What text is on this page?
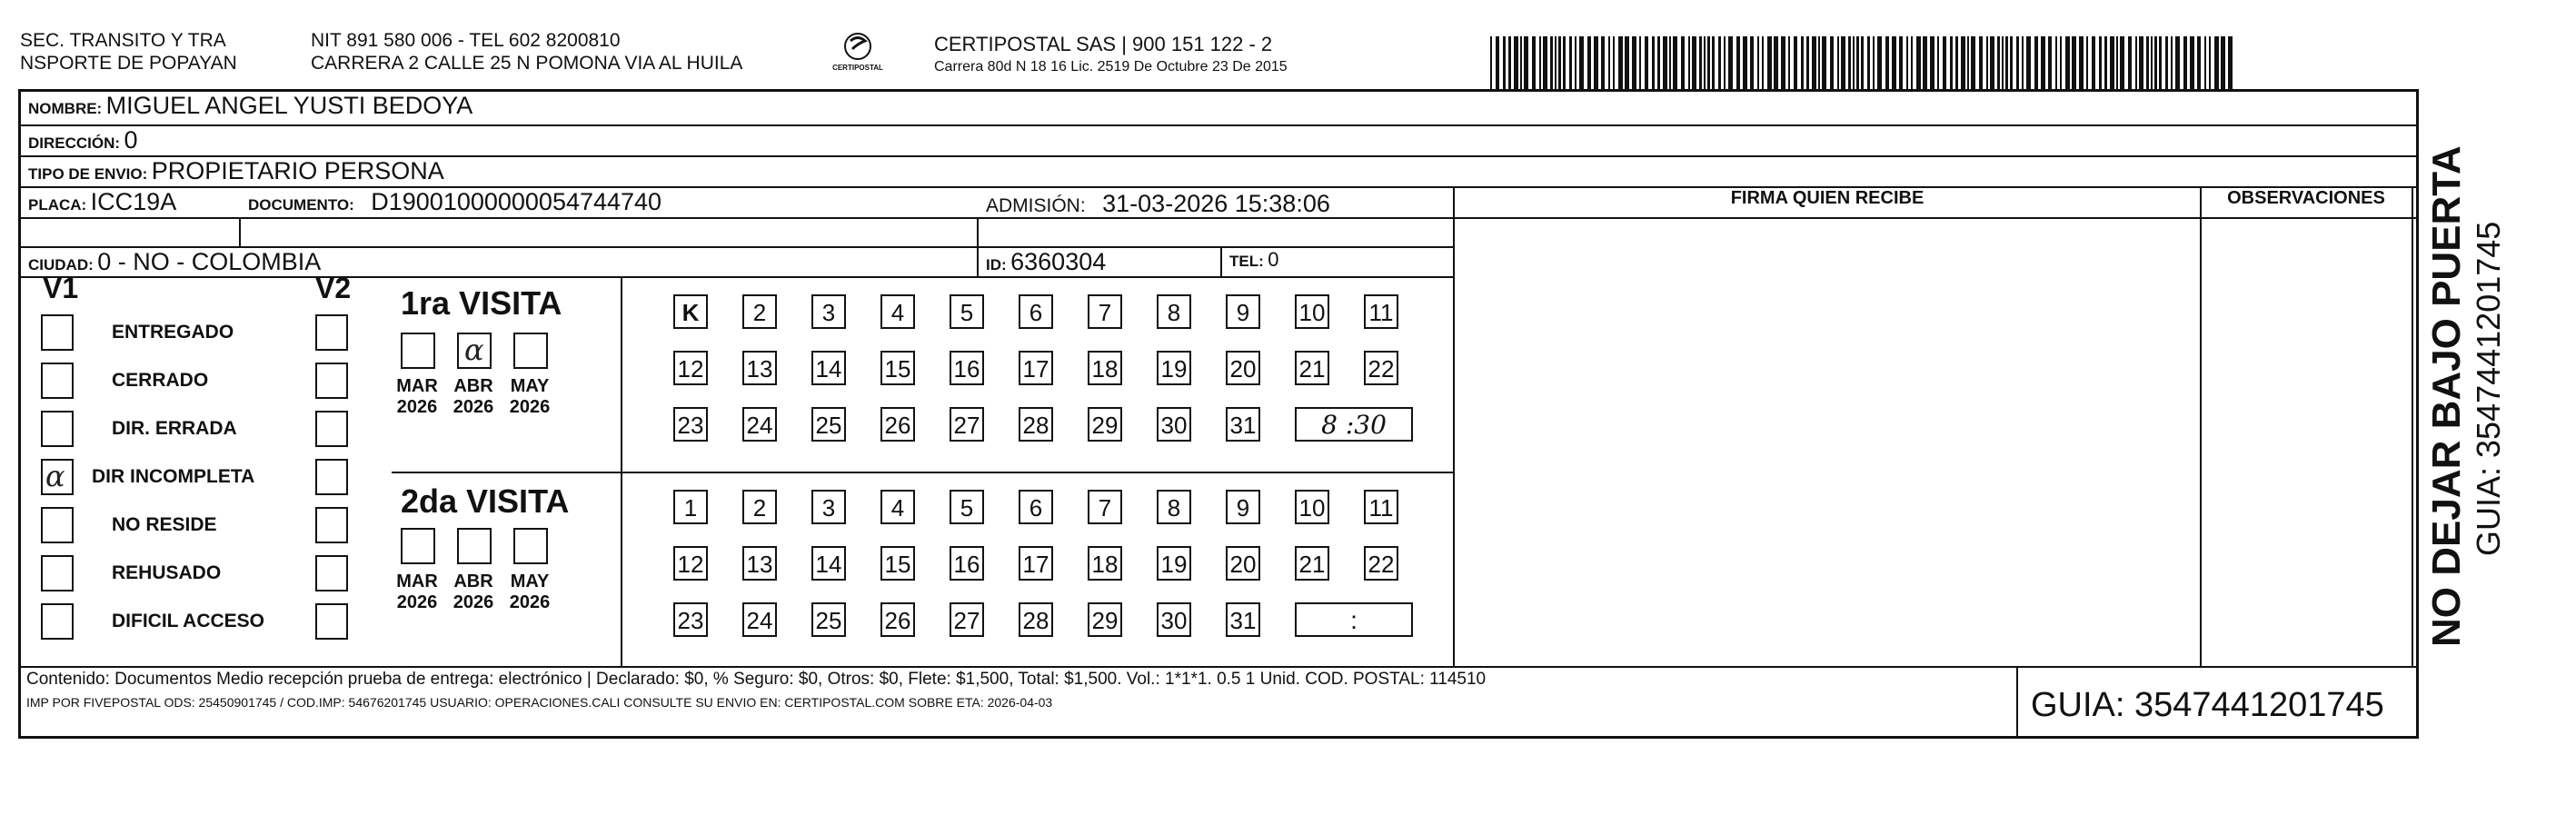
SEC. TRANSITO Y TRA
NSPORTE DE POPAYAN
NIT 891 580 006 - TEL 602 8200810
CARRERA 2 CALLE 25 N POMONA VIA AL HUILA	CERTIPOSTAL
CERTIPOSTAL SAS | 900 151 122 - 2
Carrera 80d N 18 16 Lic. 2519 De Octubre 23 De 2015
NOMBRE: MIGUEL ANGEL YUSTI BEDOYA
DIRECCIÓN: 0
TIPO DE ENVIO: PROPIETARIO PERSONA
PLACA: ICC19A	DOCUMENTO: D19001000000054744740	ADMISIÓN: 31-03-2026 15:38:06
CIUDAD: 0 - NO - COLOMBIA	ID: 6360304	TEL: 0
FIRMA QUIEN RECIBE	OBSERVACIONES
V1	V2
ENTREGADO
CERRADO
DIR. ERRADA
α DIR INCOMPLETA
NO RESIDE
REHUSADO
DIFICIL ACCESO
1ra VISITA
2da VISITA
MAR
2026
α
ABR
2026
MAY
2026
K	2	3	4	5	6	7	8	9	10 11
12 13 14 15 16 17 18 19 20 21 22
23 24 25 26 27 28 29 30 31	8 :30
MAR
2026
ABR
2026
MAY
2026
1	2	3	4	5	6	7	8	9	10 11
12 13 14 15 16 17 18 19 20 21 22
23 24 25 26 27 28 29 30 31	:
Contenido: Documentos Medio recepción prueba de entrega: electrónico | Declarado: $0, % Seguro: $0, Otros: $0, Flete: $1,500, Total: $1,500. Vol.: 1*1*1. 0.5 1 Unid. COD. POSTAL: 114510
IMP POR FIVEPOSTAL ODS: 25450901745 / COD.IMP: 54676201745 USUARIO: OPERACIONES.CALI CONSULTE SU ENVIO EN: CERTIPOSTAL.COM SOBRE ETA: 2026-04-03	GUIA: 3547441201745
NO DEJAR BAJO PUERTA GUIA: 3547441201745
